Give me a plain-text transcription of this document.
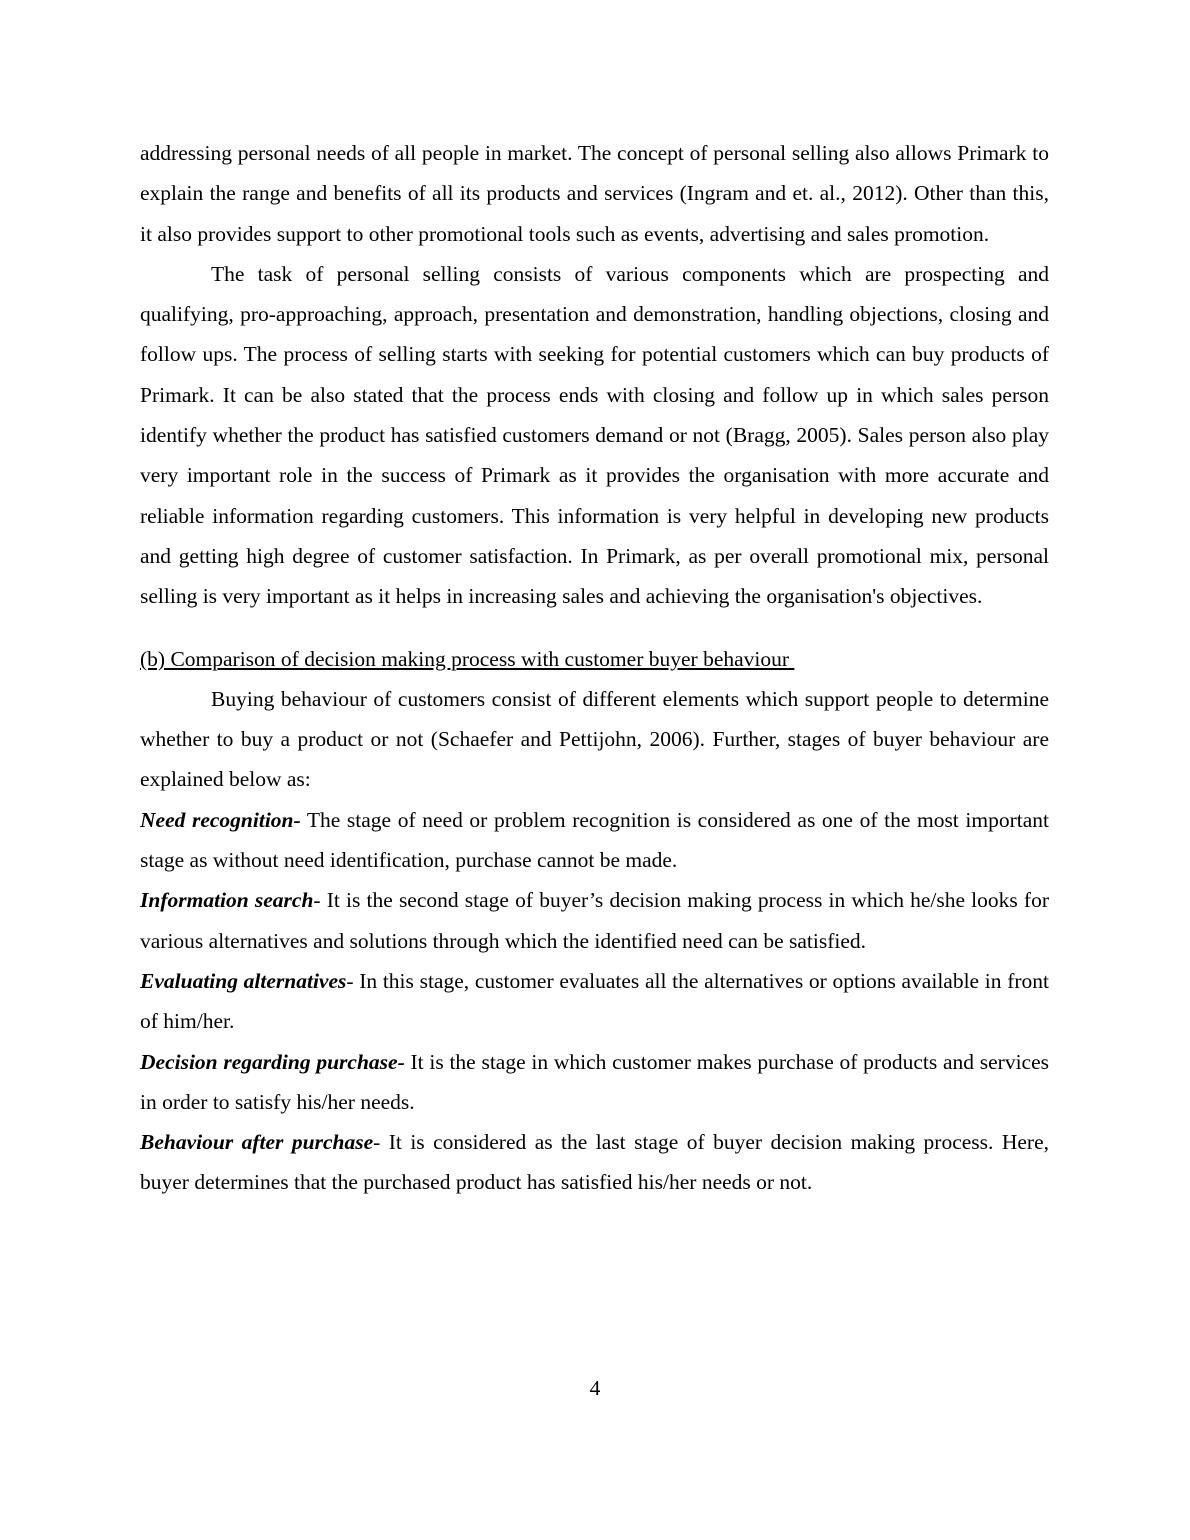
addressing personal needs of all people in market. The concept of personal selling also allows Primark to explain the range and benefits of all its products and services (Ingram and et. al., 2012). Other than this, it also provides support to other promotional tools such as events, advertising and sales promotion.

The task of personal selling consists of various components which are prospecting and qualifying, pro-approaching, approach, presentation and demonstration, handling objections, closing and follow ups. The process of selling starts with seeking for potential customers which can buy products of Primark. It can be also stated that the process ends with closing and follow up in which sales person identify whether the product has satisfied customers demand or not (Bragg, 2005). Sales person also play very important role in the success of Primark as it provides the organisation with more accurate and reliable information regarding customers. This information is very helpful in developing new products and getting high degree of customer satisfaction. In Primark, as per overall promotional mix, personal selling is very important as it helps in increasing sales and achieving the organisation's objectives.

(b) Comparison of decision making process with customer buyer behaviour

Buying behaviour of customers consist of different elements which support people to determine whether to buy a product or not (Schaefer and Pettijohn, 2006). Further, stages of buyer behaviour are explained below as:

Need recognition- The stage of need or problem recognition is considered as one of the most important stage as without need identification, purchase cannot be made.

Information search- It is the second stage of buyer’s decision making process in which he/she looks for various alternatives and solutions through which the identified need can be satisfied.

Evaluating alternatives- In this stage, customer evaluates all the alternatives or options available in front of him/her.

Decision regarding purchase- It is the stage in which customer makes purchase of products and services in order to satisfy his/her needs.

Behaviour after purchase- It is considered as the last stage of buyer decision making process. Here, buyer determines that the purchased product has satisfied his/her needs or not.

4
